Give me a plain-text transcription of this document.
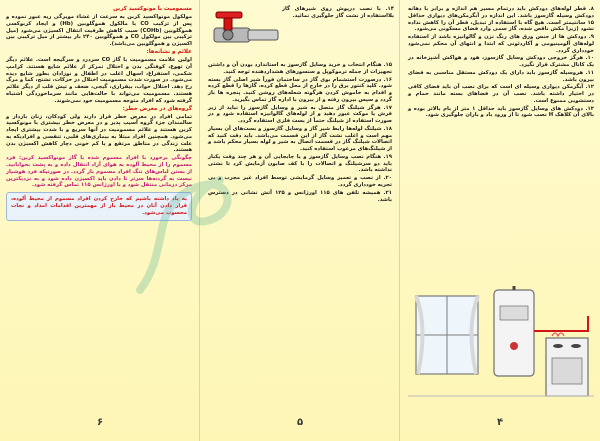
مسمومیت با مونوکسید کربن

مولکول مونواکسید کربن به سرعت از غشاء مویرگی ریه عبور نموده و پس از ترکیب CO با مالکول هموگلوبین (Hb) و ایجاد کربوکسی هموگلوبین (COHb) سبب کاهش ظرفیت انتقال اکسیژن می‌شود (میل ترکیبی بین مولکول CO و هموگلوبین ۲۴۰ بار بیشتر از میل ترکیبی بین اکسیژن و هموگلوبین می‌باشد).

علائم و نشانه‌ها:

اولین علامت مسمومیت با گاز CO سردرد و سرگیجه است. علائم دیگر آن تهوع، کوفتگی بدن و اختلال تمرکز از علائم شایع هستند. کرامپ شکمی، استفراغ، اسهال اغلب در اطفال و نوزادان بطور شایع دیده می‌شود. در صورت شدت مسمومیت اختلال در حرکات، تشنج، کما و مرگ رخ دهد. اختلال خواب، بیقراری، گیجی، ضعف و تپش قلب از دیگر علائم هستند. مسمومیت می‌تواند با حالت‌هایی مانند سرماخوردگی اشتباه گرفته شود که افراد متوجه مسمومیت خود نمی‌شوند.

گروه‌های در معرض خطر:

تمامی افراد در معرض خطر قرار دارند ولی کودکان، زنان باردار و سالمندان جزء گروه آسیب پذیر و در معرض خطر بیشتری با مونوکسید کربن هستند و علائم مسمومیت در آنها سریع و با شدت بیشتری ایجاد می‌شود. همچنین افراد مبتلا به بیماری‌های قلبی، تنفسی و افرادیکه به علت زندگی در مناطق مرتفع و یا کم خونی دچار کاهش اکسیژن بدن هستند.

چگونگی برخورد با افراد مسموم شده با گاز مونواکسید کربن: فرد مسموم را از محیط آلوده به هوای آزاد انتقال داده و به پشت بخوابانید. از بستن لباس‌های تنگ افراد مسموم باز گردد. در صورتیکه فرد هوشیار نیست به گردنه‌ها سرتر تا دادن باید اکسیژن داده شود و به نزدیکترین مرکز درمانی منتقل شود و با اورژانس ۱۱۵ تماس گرفته شود.

به یاد داشته باشیم که خارج کردن افراد مسموم از محیط آلوده، قرار دادن آنان در محیط باز از مهمترین اقدامات امداد و نجات محسوب می‌شود.

۶

۱۴. با نصب درپوش روی شیرهای گاز بلااستفاده از نشت گاز جلوگیری نمائید.

۱۵. هنگام انتخاب و خرید وسایل گازسوز به استاندارد بودن آن و داشتن تجهیزات از جمله ترموکوپل و سنسورهای هشداردهنده توجه کنید.

۱۶. درصورت استشمام بوی گاز در ساختمان فوراً شیر اصلی گاز بسته شود. کلید کنتور برق را در خارج از محل قطع کرده، گازها را قطع کرده و اقدام به خاموش کردن هرگونه شعله‌های روشن کنید. پنجره ها باز گردد و سپس بیرون رفته و از بیرون با اداره گاز تماس بگیرید.

۱۷. هرگز شیلنگ گاز متصل به شیر و وسایل گازسوز را نباید از زیر فرش یا موکت عبور دهید و از لوله‌های گالوانیزه استفاده شود و در صورت استفاده از شیلنگ حتماً از بست فلزی استفاده گردد.

۱۸. شیلنگ لوله‌ها رابط شیر گاز و وسایل گازسوز و بست‌های آن بسیار مهم است و اغلب نشت گاز از این قسمت می‌باشد. باید دقت کنید که اتصالات شیلنگ گاز در قسمت اتصال به شیر و لوله بسیار محکم باشد و از شیلنگ‌های مرغوب استفاده کنید.

۱۹. هنگام نصب وسایل گازسوز و یا جابجایی آن و هر چند وقت یکبار باید دو سرشیلنگ و اتصالات را با کف صابون آزمایش کرد تا نشتی نداشته باشد.

۲۰. از نصب و تعمیر وسایل گرمایشی توسط افراد غیر مجرب و بی تجربه خودداری گردد.

۲۱. همیشه تلفن های ۱۱۵ اورژانس و ۱۲۵ آتش نشانی در دسترس باشد.

۵

۸. قطر لوله‌های دودکش باید درتمام مسیر هم اندازه و برابر با دهانه دودکش وسیله گازسوز باشد. این اندازه در آبگرمکن‌های دیواری حداقل ۱۵ سانتیمتر است. هیچ گاه با استفاده از تبدیل، قطر آن را کاهش نداده نشود (زیرا مکش ناقص شده، گاز سمی وارد فضای مسکونی می‌شود.

۹. دودکش ها از جنس ورق های رنگ نزن و گالوانیزه باشد از استفاده لوله‌های آلومینیومی و آکاردئونی که ابتدا و انتهای آن محکم نمی‌شود خودداری گردد.

۱۰. هرگز خروجی دودکش وسایل گازسوز، هود و هواکش آشپزخانه در یک کانال مشترک قرار نگیرد.

۱۱. هروسیله گازسوز باید دارای یک دودکش مستقل مناسبی به فضای بیرون باشد.

۱۲. آبگرمکن دیواری وسیله ای است که برای نصب آن باید فضای کافی در اختیار داشته باشد. نصب آن در فضاهای بسته مانند حمام و دستشویی ممنوع است.

۱۳. دودکش های وسایل گازسوز باید حداقل ۱ متر از بام بالاتر بوده و بالای آن کلاهک H نصب شود تا از ورود باد و باران جلوگیری شود.

۴
